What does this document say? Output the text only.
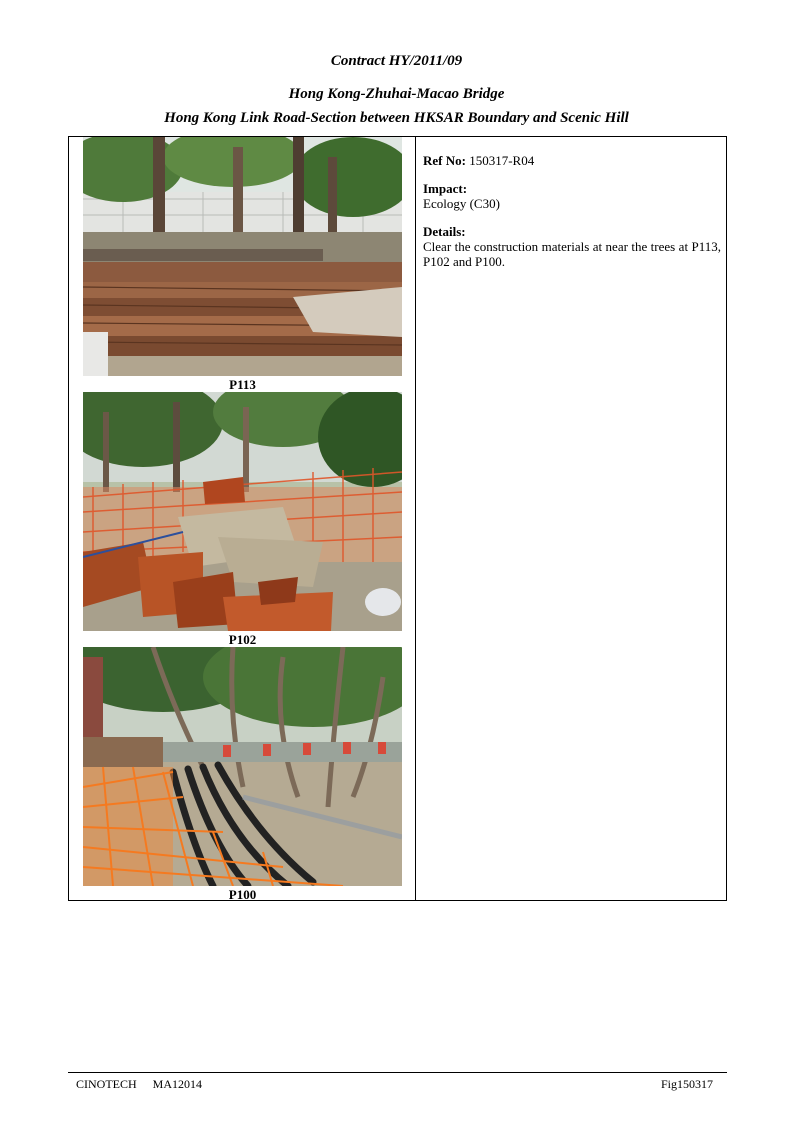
Contract HY/2011/09
Hong Kong-Zhuhai-Macao Bridge
Hong Kong Link Road-Section between HKSAR Boundary and Scenic Hill
P113
P102
P100
Ref No: 150317-R04
Impact:
Ecology (C30)
Details:
Clear the construction materials at near the trees at P113, P102 and P100.
CINOTECH MA12014	Fig150317
